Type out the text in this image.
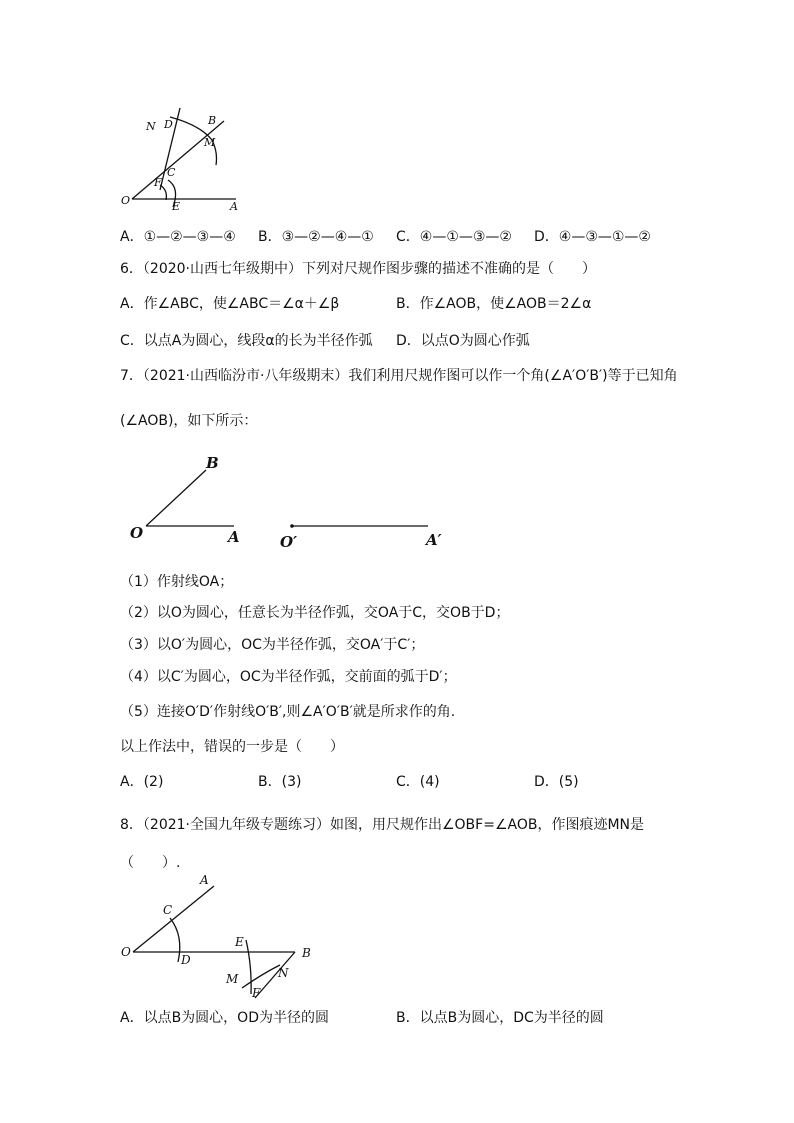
N D	B
M
C
F
O	E	A
A．①—②—③—④ B．③—②—④—① C．④—①—③—② D．④—③—①—②
6．（2020·山西七年级期中）下列对尺规作图步骤的描述不准确的是（　　）
A．作∠ABC，使∠ABC＝∠α＋∠β	B．作∠AOB，使∠AOB＝2∠α
C．以点A为圆心，线段α的长为半径作弧 D．以点O为圆心作弧
7．（2021·山西临汾市·八年级期末）我们利用尺规作图可以作一个角(∠A′O′B′)等于已知角
(∠AOB)，如下所示：
B
O	A	O′	A′
（1）作射线OA；
（2）以O为圆心，任意长为半径作弧，交OA于C，交OB于D；
（3）以O′为圆心，OC为半径作弧，交OA′于C′；
（4）以C′为圆心，OC为半径作弧，交前面的弧于D′；
（5）连接O′D′作射线O′B′,则∠A′O′B′就是所求作的角.
以上作法中，错误的一步是（　　）
A．(2)	B．(3)	C．(4)	D．(5)
8．（2021·全国九年级专题练习）如图，用尺规作出∠OBF=∠AOB，作图痕迹MN是
（　　）.
A
C
O
D
E
B
M	N
F
A．以点B为圆心，OD为半径的圆	B．以点B为圆心，DC为半径的圆
